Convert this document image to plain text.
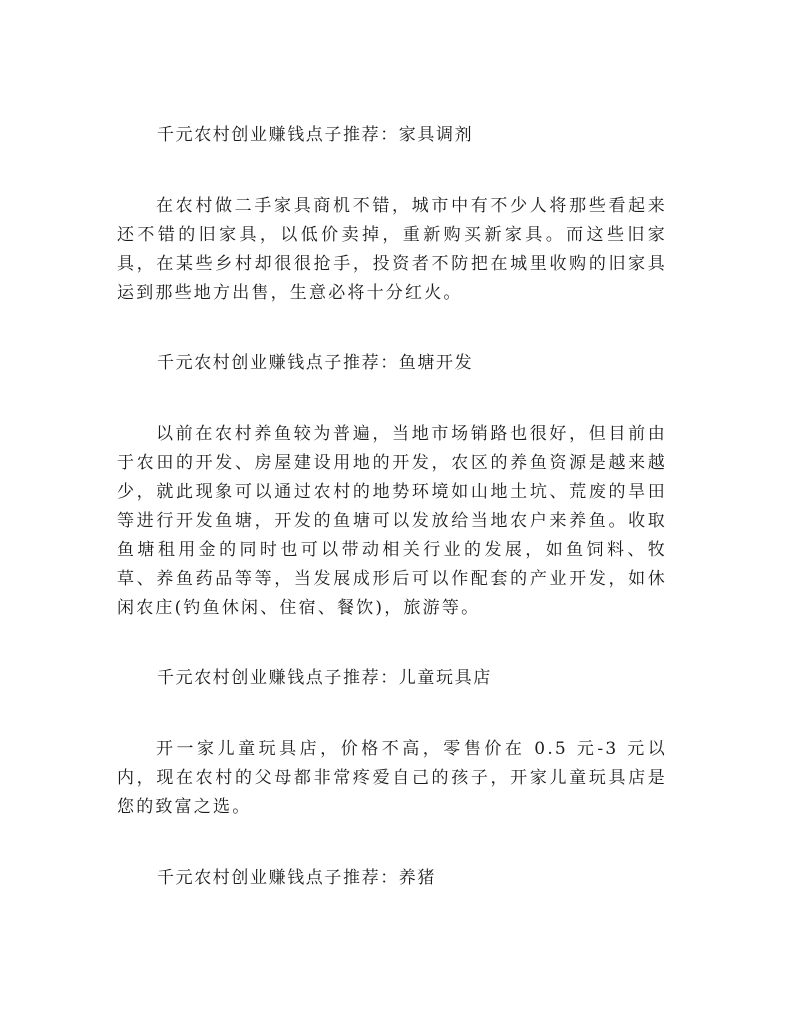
千元农村创业赚钱点子推荐：家具调剂
在农村做二手家具商机不错，城市中有不少人将那些看起来还不错的旧家具，以低价卖掉，重新购买新家具。而这些旧家具，在某些乡村却很很抢手，投资者不防把在城里收购的旧家具运到那些地方出售，生意必将十分红火。
千元农村创业赚钱点子推荐：鱼塘开发
以前在农村养鱼较为普遍，当地市场销路也很好，但目前由于农田的开发、房屋建设用地的开发，农区的养鱼资源是越来越少，就此现象可以通过农村的地势环境如山地土坑、荒废的旱田等进行开发鱼塘，开发的鱼塘可以发放给当地农户来养鱼。收取鱼塘租用金的同时也可以带动相关行业的发展，如鱼饲料、牧草、养鱼药品等等，当发展成形后可以作配套的产业开发，如休闲农庄(钓鱼休闲、住宿、餐饮)，旅游等。
千元农村创业赚钱点子推荐：儿童玩具店
开一家儿童玩具店，价格不高，零售价在 0.5 元-3 元以内，现在农村的父母都非常疼爱自己的孩子，开家儿童玩具店是您的致富之选。
千元农村创业赚钱点子推荐：养猪
